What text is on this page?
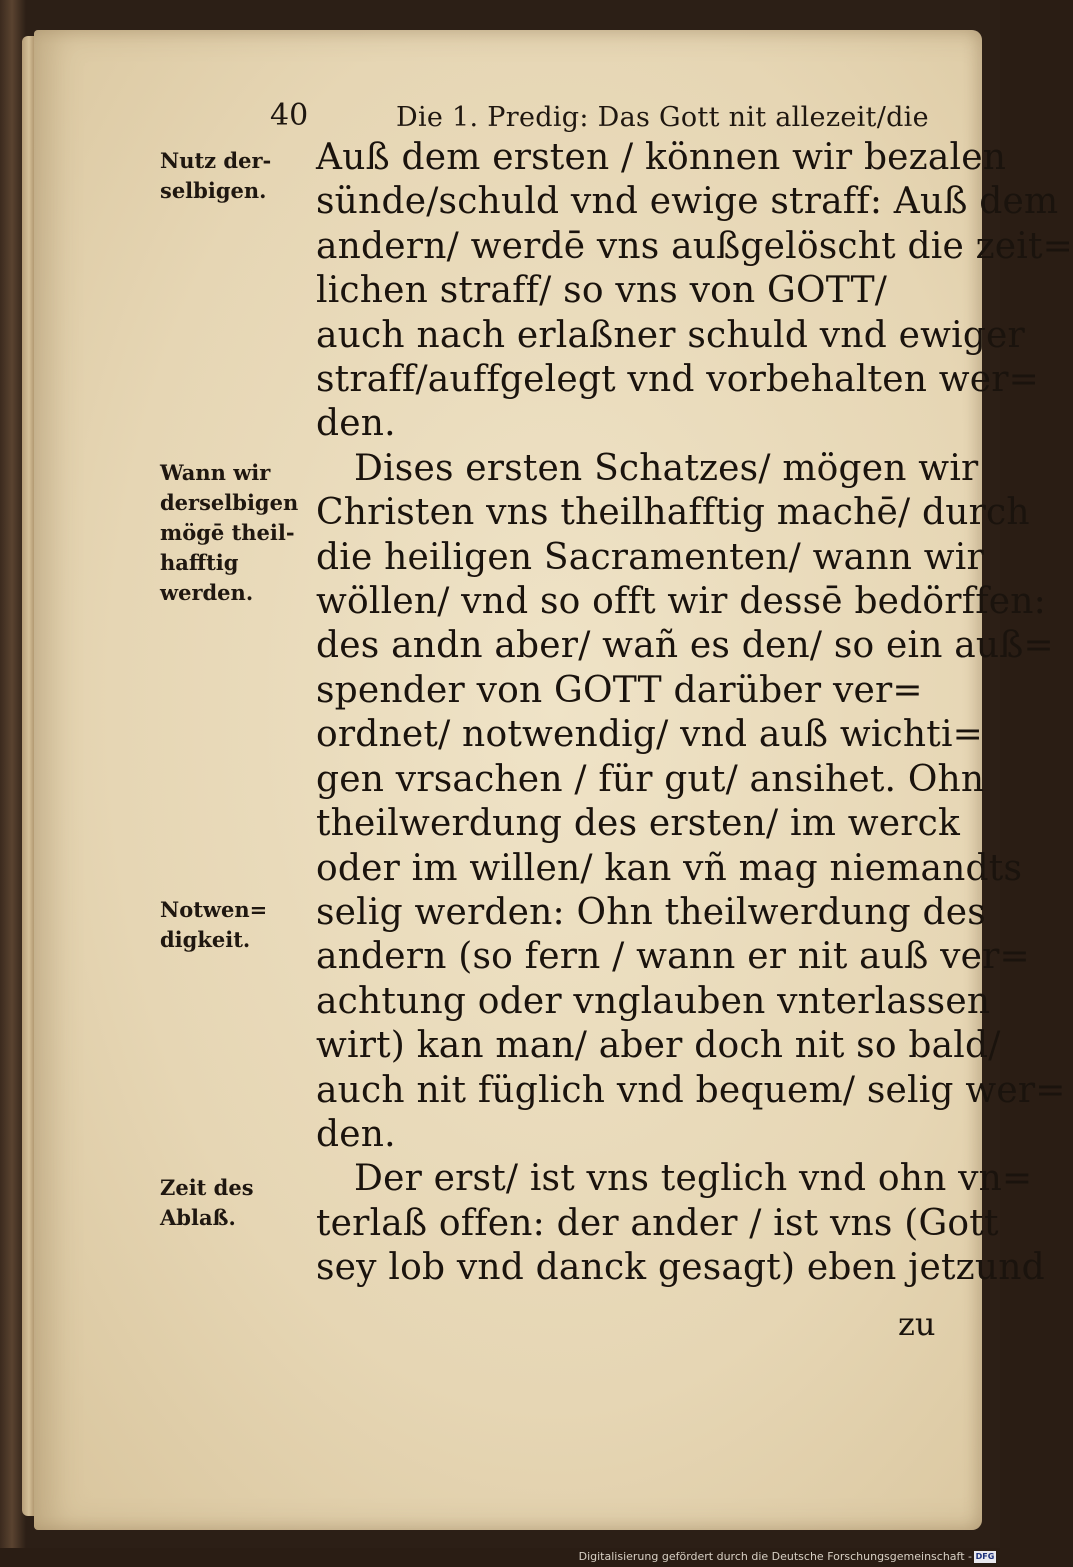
40	Die 1. Predig: Das Gott nit allezeit/die
Auß dem ersten / können wir bezalen
sünde/schuld vnd ewige straff: Auß dem
andern/ werdē vns außgelöscht die zeit=
lichen straff/ so vns von GOTT/
auch nach erlaßner schuld vnd ewiger
straff/auffgelegt vnd vorbehalten wer=
den.
Dises ersten Schatzes/ mögen wir
Christen vns theilhafftig machē/ durch
die heiligen Sacramenten/ wann wir
wöllen/ vnd so offt wir dessē bedörffen:
des andn aber/ wañ es den/ so ein auß=
spender von GOTT darüber ver=
ordnet/ notwendig/ vnd auß wichti=
gen vrsachen / für gut/ ansihet. Ohn
theilwerdung des ersten/ im werck
oder im willen/ kan vñ mag niemandts
selig werden: Ohn theilwerdung des
andern (so fern / wann er nit auß ver=
achtung oder vnglauben vnterlassen
wirt) kan man/ aber doch nit so bald/
auch nit füglich vnd bequem/ selig wer=
den.
Der erst/ ist vns teglich vnd ohn vn=
terlaß offen: der ander / ist vns (Gott
sey lob vnd danck gesagt) eben jetzund
zu
Nutz der-
selbigen.
Wann wir
derselbigen
mögē theil-
hafftig
werden.
Notwen=
digkeit.
Zeit des
Ablaß.
Digitalisierung gefördert durch die Deutsche Forschungsgemeinschaft - DFG
